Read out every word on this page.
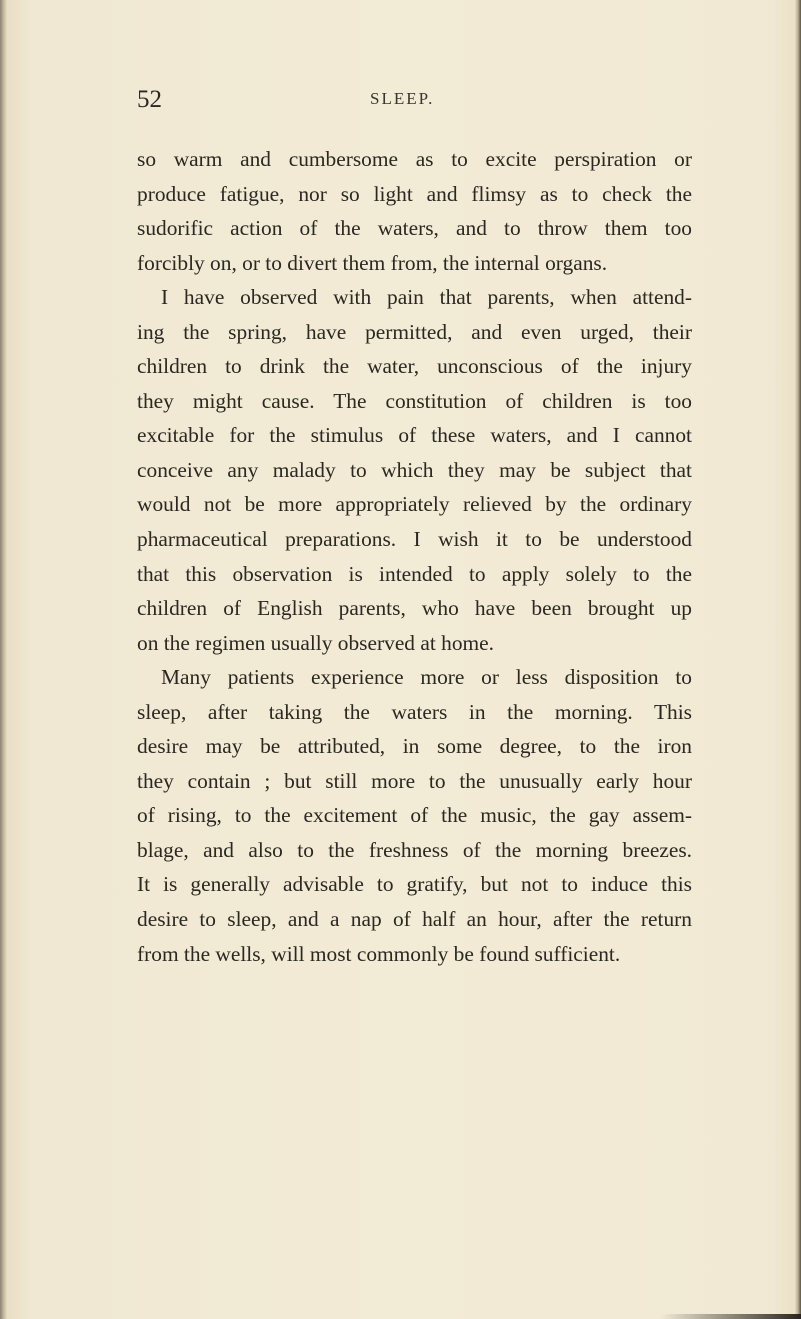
52	SLEEP.
so warm and cumbersome as to excite perspiration or
produce fatigue, nor so light and flimsy as to check the
sudorific action of the waters, and to throw them too
forcibly on, or to divert them from, the internal organs.
I have observed with pain that parents, when attend-
ing the spring, have permitted, and even urged, their
children to drink the water, unconscious of the injury
they might cause. The constitution of children is too
excitable for the stimulus of these waters, and I cannot
conceive any malady to which they may be subject that
would not be more appropriately relieved by the ordinary
pharmaceutical preparations. I wish it to be understood
that this observation is intended to apply solely to the
children of English parents, who have been brought up
on the regimen usually observed at home.
Many patients experience more or less disposition to
sleep, after taking the waters in the morning. This
desire may be attributed, in some degree, to the iron
they contain ; but still more to the unusually early hour
of rising, to the excitement of the music, the gay assem-
blage, and also to the freshness of the morning breezes.
It is generally advisable to gratify, but not to induce this
desire to sleep, and a nap of half an hour, after the return
from the wells, will most commonly be found sufficient.
